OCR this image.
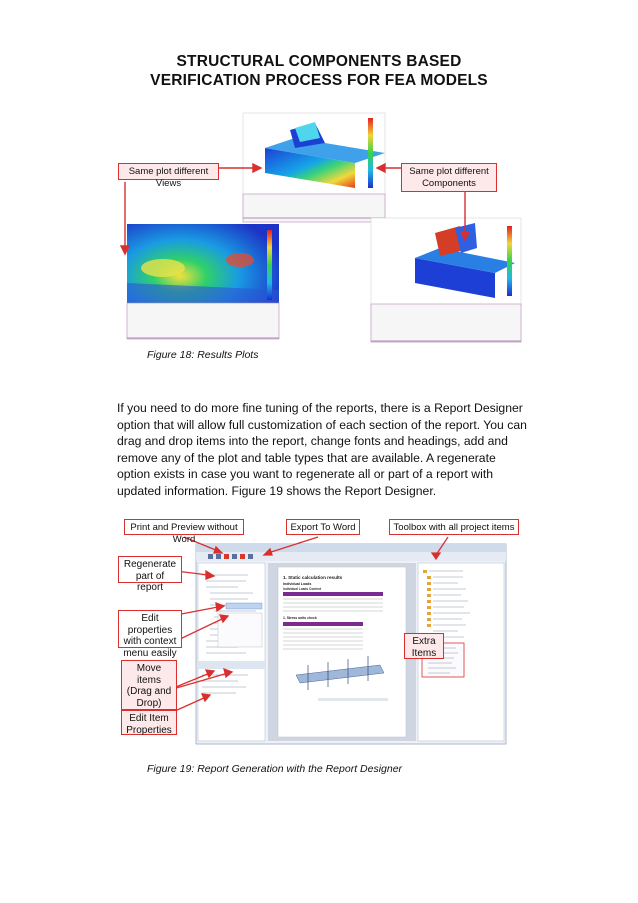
STRUCTURAL COMPONENTS BASED
VERIFICATION PROCESS FOR FEA MODELS
Same plot different Views
Same plot different
Components
Figure 18: Results Plots
If you need to do more fine tuning of the reports, there is a Report Designer option that will allow full customization of each section of the report. You can drag and drop items into the report, change fonts and headings, add and remove any of the plot and table types that are available. A regenerate option exists in case you want to regenerate all or part of a report with updated information. Figure 19 shows the Report Designer.
1. Static calculation results
Individual Loads
Individual Loads Content
1. Stress units check
Print and Preview without Word
Export To Word	Toolbox with all project items
Regenerate
part of report
Edit properties
with context
menu easily
Move
items
(Drag and
Drop)
Edit Item
Properties
Extra
Items
Figure 19: Report Generation with the Report Designer
